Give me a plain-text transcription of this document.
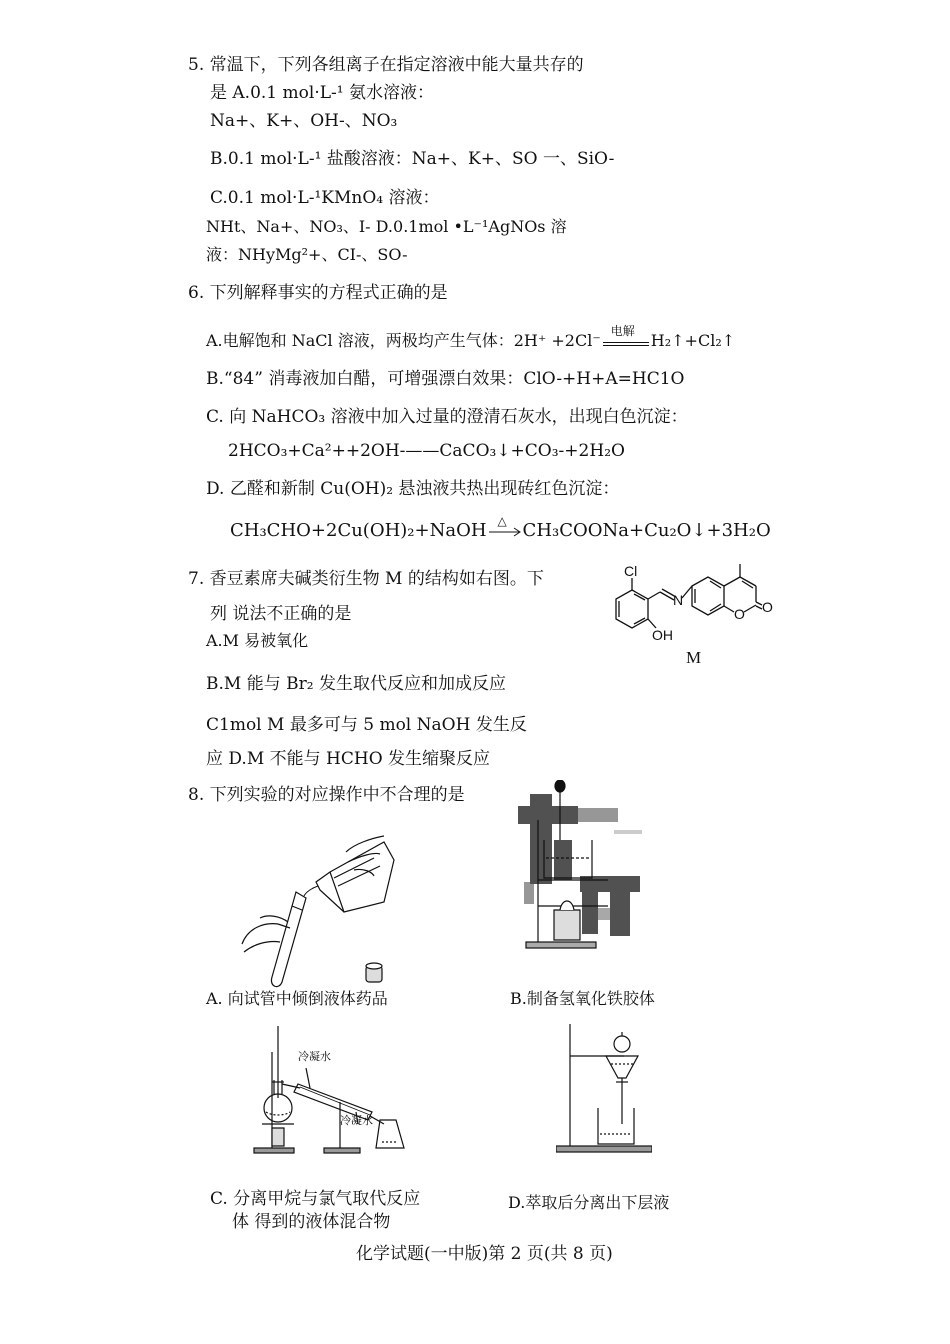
5. 常温下，下列各组离子在指定溶液中能大量共存的
是 A.0.1 mol·L-¹ 氨水溶液：
Na+、K+、OH-、NO₃
B.0.1 mol·L-¹ 盐酸溶液：Na+、K+、SO 一、SiO-
C.0.1 mol·L-¹KMnO₄ 溶液：
NHt、Na+、NO₃、I- D.0.1mol •L⁻¹AgNOs 溶
液：NHyMg²+、CI-、SO-
6. 下列解释事实的方程式正确的是
A.电解饱和 NaCl 溶液，两极均产生气体：2H⁺ +2Cl⁻ 电解 H₂↑+Cl₂↑
B.“84” 消毒液加白醋，可增强漂白效果：ClO-+H+A=HC1O
C. 向 NaHCO₃ 溶液中加入过量的澄清石灰水，出现白色沉淀：
2HCO₃+Ca²++2OH-——CaCO₃↓+CO₃-+2H₂O
D. 乙醛和新制 Cu(OH)₂ 悬浊液共热出现砖红色沉淀：
CH₃CHO+2Cu(OH)₂+NaOH △ CH₃COONa+Cu₂O↓+3H₂O
7. 香豆素席夫碱类衍生物 M 的结构如右图。下
列 说法不正确的是
A.M 易被氧化
B.M 能与 Br₂ 发生取代反应和加成反应
C1mol M 最多可与 5 mol NaOH 发生反
应 D.M 不能与 HCHO 发生缩聚反应
Cl
OH
N
O O
M
8. 下列实验的对应操作中不合理的是
A. 向试管中倾倒液体药品	B.制备氢氧化铁胶体
冷凝水
冷凝水
C. 分离甲烷与氯气取代反应
体 得到的液体混合物
D.萃取后分离出下层液
化学试题(一中版)第 2 页(共 8 页)
